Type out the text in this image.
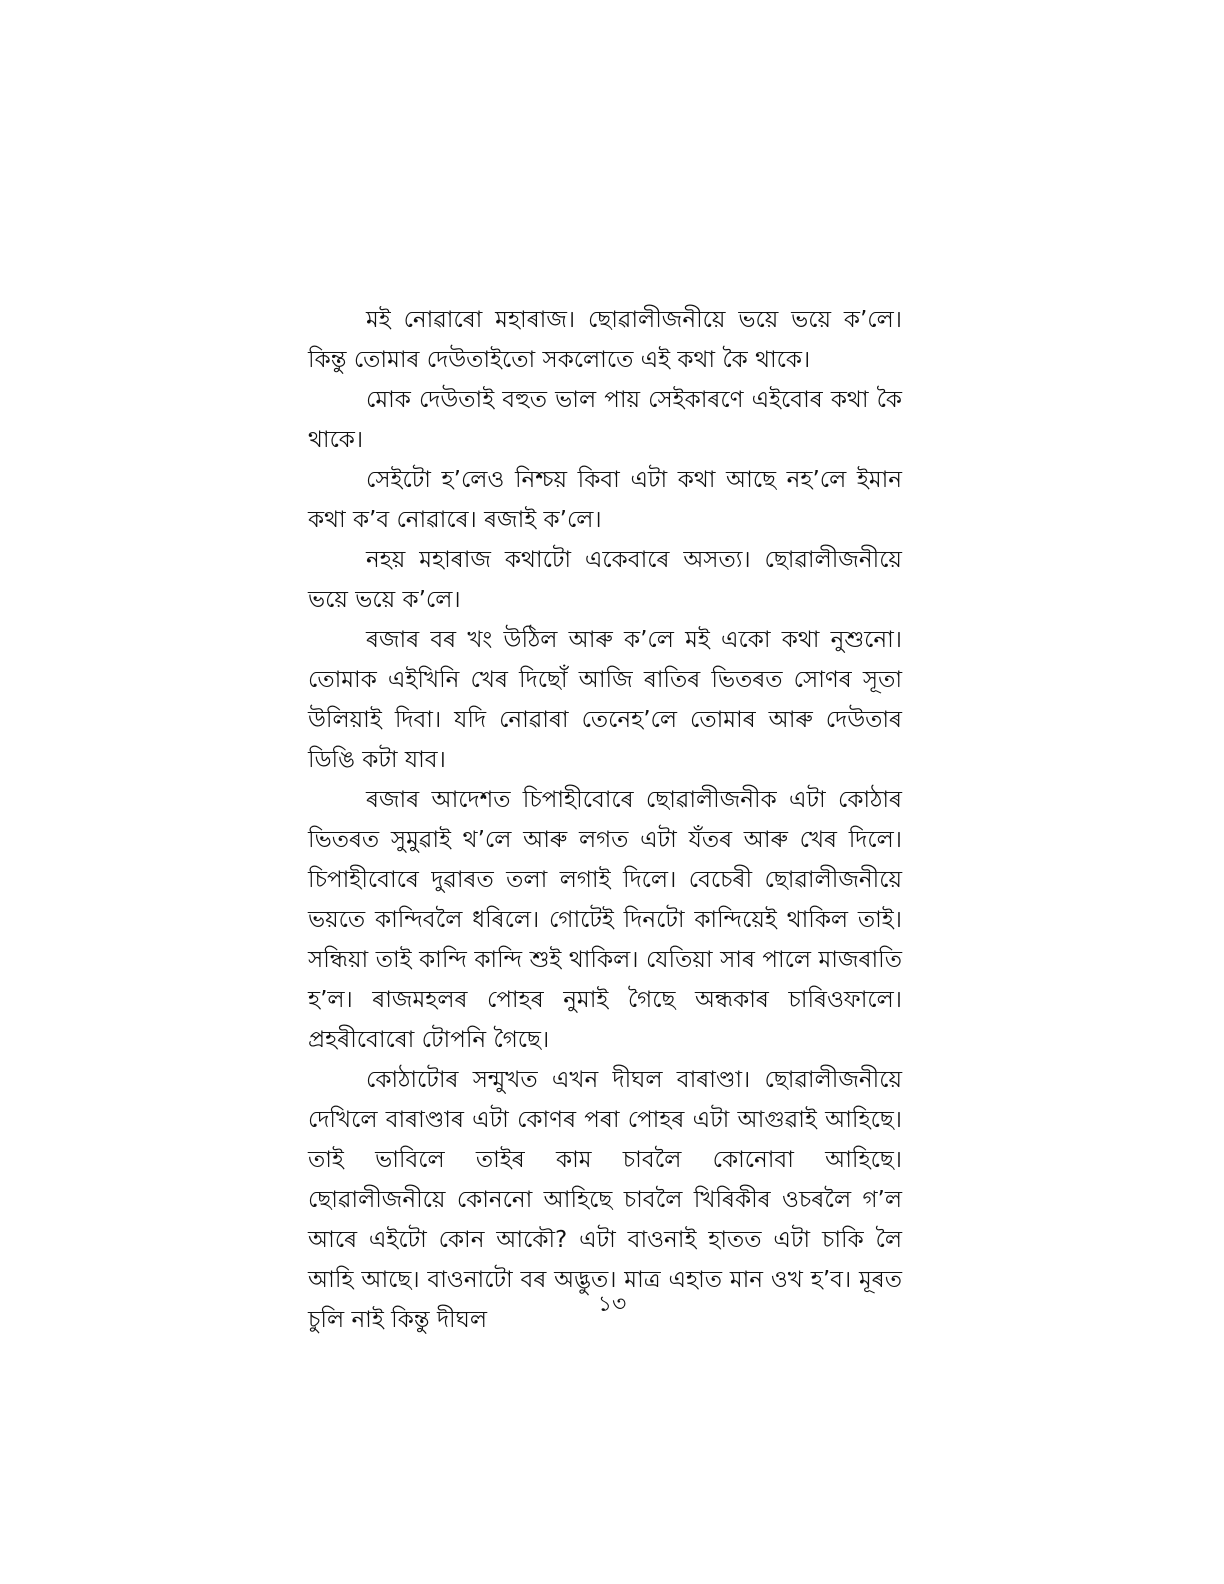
মই নোৱাৰো মহাৰাজ। ছোৱালীজনীয়ে ভয়ে ভয়ে ক’লে। কিন্তু তোমাৰ দেউতাইতো সকলোতে এই কথা কৈ থাকে।

মোক দেউতাই বহুত ভাল পায় সেইকাৰণে এইবোৰ কথা কৈ থাকে।

সেইটো হ’লেও নিশ্চয় কিবা এটা কথা আছে নহ’লে ইমান কথা ক’ব নোৱাৰে। ৰজাই ক’লে।

নহয় মহাৰাজ কথাটো একেবাৰে অসত্য। ছোৱালীজনীয়ে ভয়ে ভয়ে ক’লে।

ৰজাৰ বৰ খং উঠিল আৰু ক’লে মই একো কথা নুশুনো। তোমাক এইখিনি খেৰ দিছোঁ আজি ৰাতিৰ ভিতৰত সোণৰ সূতা উলিয়াই দিবা। যদি নোৱাৰা তেনেহ’লে তোমাৰ আৰু দেউতাৰ ডিঙি কটা যাব।

ৰজাৰ আদেশত চিপাহীবোৰে ছোৱালীজনীক এটা কোঠাৰ ভিতৰত সুমুৱাই থ’লে আৰু লগত এটা যঁতৰ আৰু খেৰ দিলে। চিপাহীবোৰে দুৱাৰত তলা লগাই দিলে। বেচেৰী ছোৱালীজনীয়ে ভয়তে কান্দিবলৈ ধৰিলে। গোটেই দিনটো কান্দিয়েই থাকিল তাই। সন্ধিয়া তাই কান্দি কান্দি শুই থাকিল। যেতিয়া সাৰ পালে মাজৰাতি হ’ল। ৰাজমহলৰ পোহৰ নুমাই গৈছে অন্ধকাৰ চাৰিওফালে। প্ৰহৰীবোৰো টোপনি গৈছে।

কোঠাটোৰ সন্মুখত এখন দীঘল বাৰাণ্ডা। ছোৱালীজনীয়ে দেখিলে বাৰাণ্ডাৰ এটা কোণৰ পৰা পোহৰ এটা আগুৱাই আহিছে। তাই ভাবিলে তাইৰ কাম চাবলৈ কোনোবা আহিছে। ছোৱালীজনীয়ে কোননো আহিছে চাবলৈ খিৰিকীৰ ওচৰলৈ গ’ল আৰে এইটো কোন আকৌ? এটা বাওনাই হাতত এটা চাকি লৈ আহি আছে। বাওনাটো বৰ অদ্ভুত। মাত্ৰ এহাত মান ওখ হ’ব। মূৰত চুলি নাই কিন্তু দীঘল

১৩
